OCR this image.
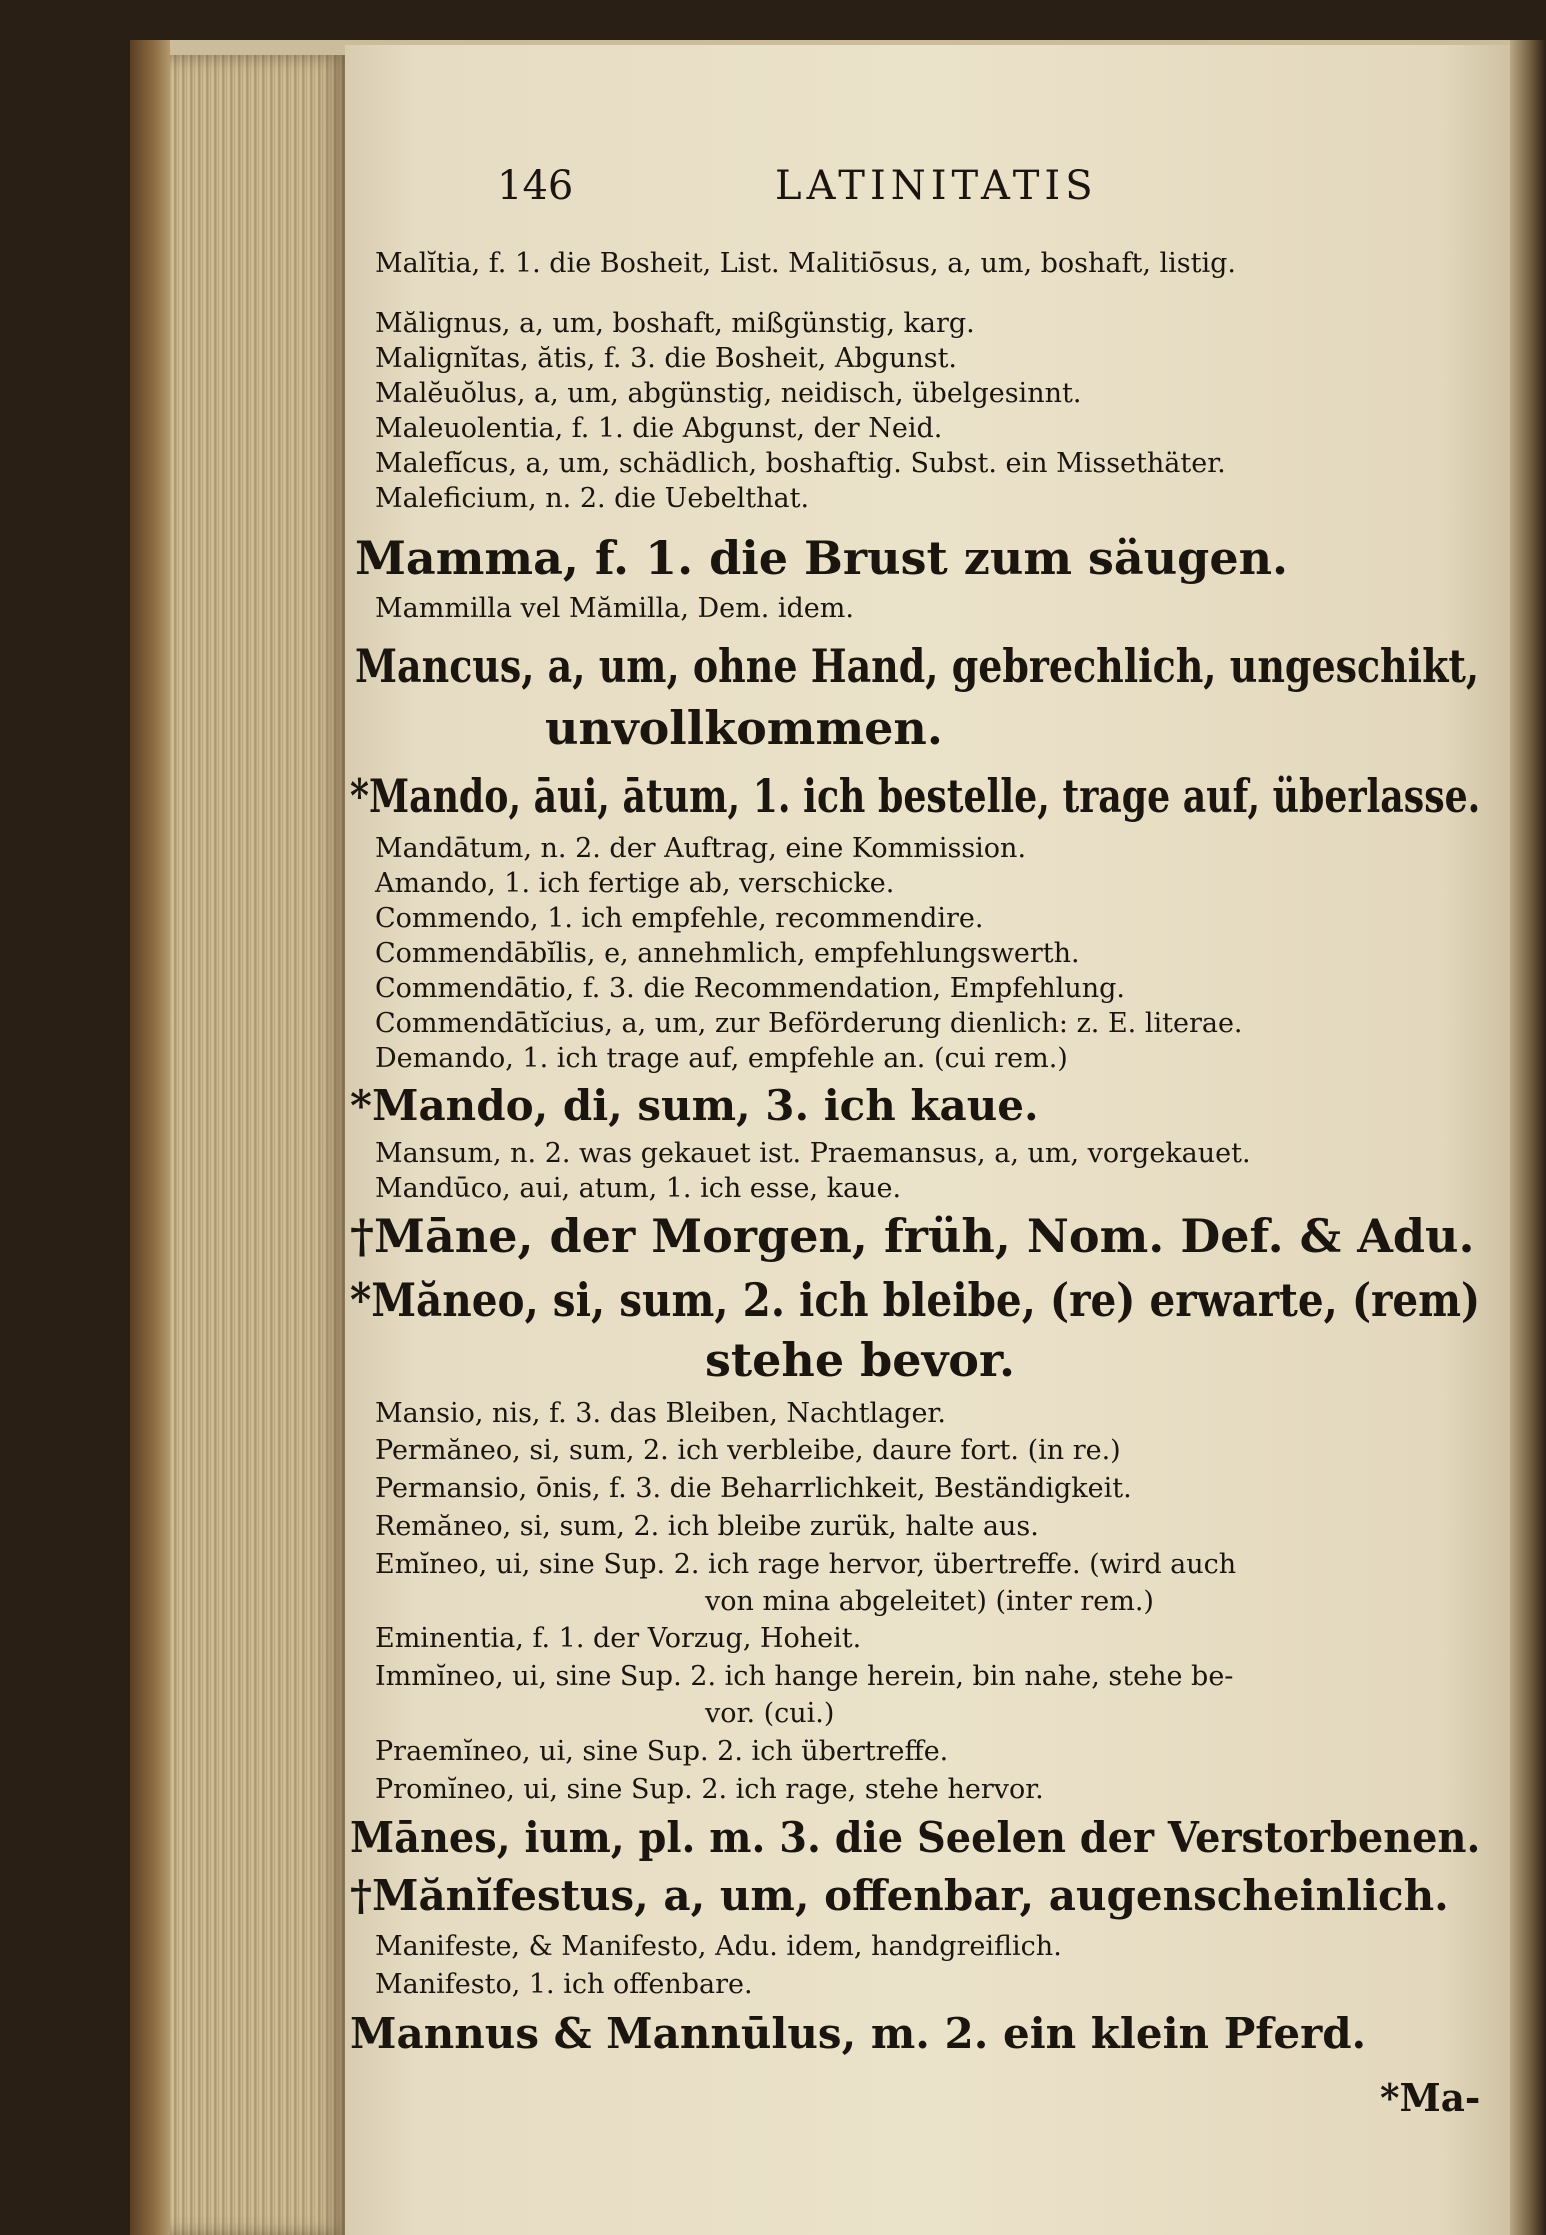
146	LATINITATIS
Malĭtia, f. 1. die Bosheit, List. Malitiōsus, a, um, boshaft, listig.
Mălignus, a, um, boshaft, mißgünstig, karg.
Malignĭtas, ătis, f. 3. die Bosheit, Abgunst.
Malĕuŏlus, a, um, abgünstig, neidisch, übelgesinnt.
Maleuolentia, f. 1. die Abgunst, der Neid.
Malefĭcus, a, um, schädlich, boshaftig. Subst. ein Missethäter.
Maleficium, n. 2. die Uebelthat.
Mamma, f. 1. die Brust zum säugen.
Mammilla vel Mămilla, Dem. idem.
Mancus, a, um, ohne Hand, gebrechlich, ungeschikt,
unvollkommen.
*Mando, āui, ātum, 1. ich bestelle, trage auf, überlasse.
Mandātum, n. 2. der Auftrag, eine Kommission.
Amando, 1. ich fertige ab, verschicke.
Commendo, 1. ich empfehle, recommendire.
Commendābĭlis, e, annehmlich, empfehlungswerth.
Commendātio, f. 3. die Recommendation, Empfehlung.
Commendātĭcius, a, um, zur Beförderung dienlich: z. E. literae.
Demando, 1. ich trage auf, empfehle an. (cui rem.)
*Mando, di, sum, 3. ich kaue.
Mansum, n. 2. was gekauet ist. Praemansus, a, um, vorgekauet.
Mandūco, aui, atum, 1. ich esse, kaue.
†Māne, der Morgen, früh, Nom. Def. & Adu.
*Măneo, si, sum, 2. ich bleibe, (re) erwarte, (rem)
stehe bevor.
Mansio, nis, f. 3. das Bleiben, Nachtlager.
Permăneo, si, sum, 2. ich verbleibe, daure fort. (in re.)
Permansio, ōnis, f. 3. die Beharrlichkeit, Beständigkeit.
Remăneo, si, sum, 2. ich bleibe zurük, halte aus.
Emĭneo, ui, sine Sup. 2. ich rage hervor, übertreffe. (wird auch
von mina abgeleitet) (inter rem.)
Eminentia, f. 1. der Vorzug, Hoheit.
Immĭneo, ui, sine Sup. 2. ich hange herein, bin nahe, stehe be-
vor. (cui.)
Praemĭneo, ui, sine Sup. 2. ich übertreffe.
Promĭneo, ui, sine Sup. 2. ich rage, stehe hervor.
Mānes, ium, pl. m. 3. die Seelen der Verstorbenen.
†Mănĭfestus, a, um, offenbar, augenscheinlich.
Manifeste, & Manifesto, Adu. idem, handgreiflich.
Manifesto, 1. ich offenbare.
Mannus & Mannūlus, m. 2. ein klein Pferd.
*Ma-
